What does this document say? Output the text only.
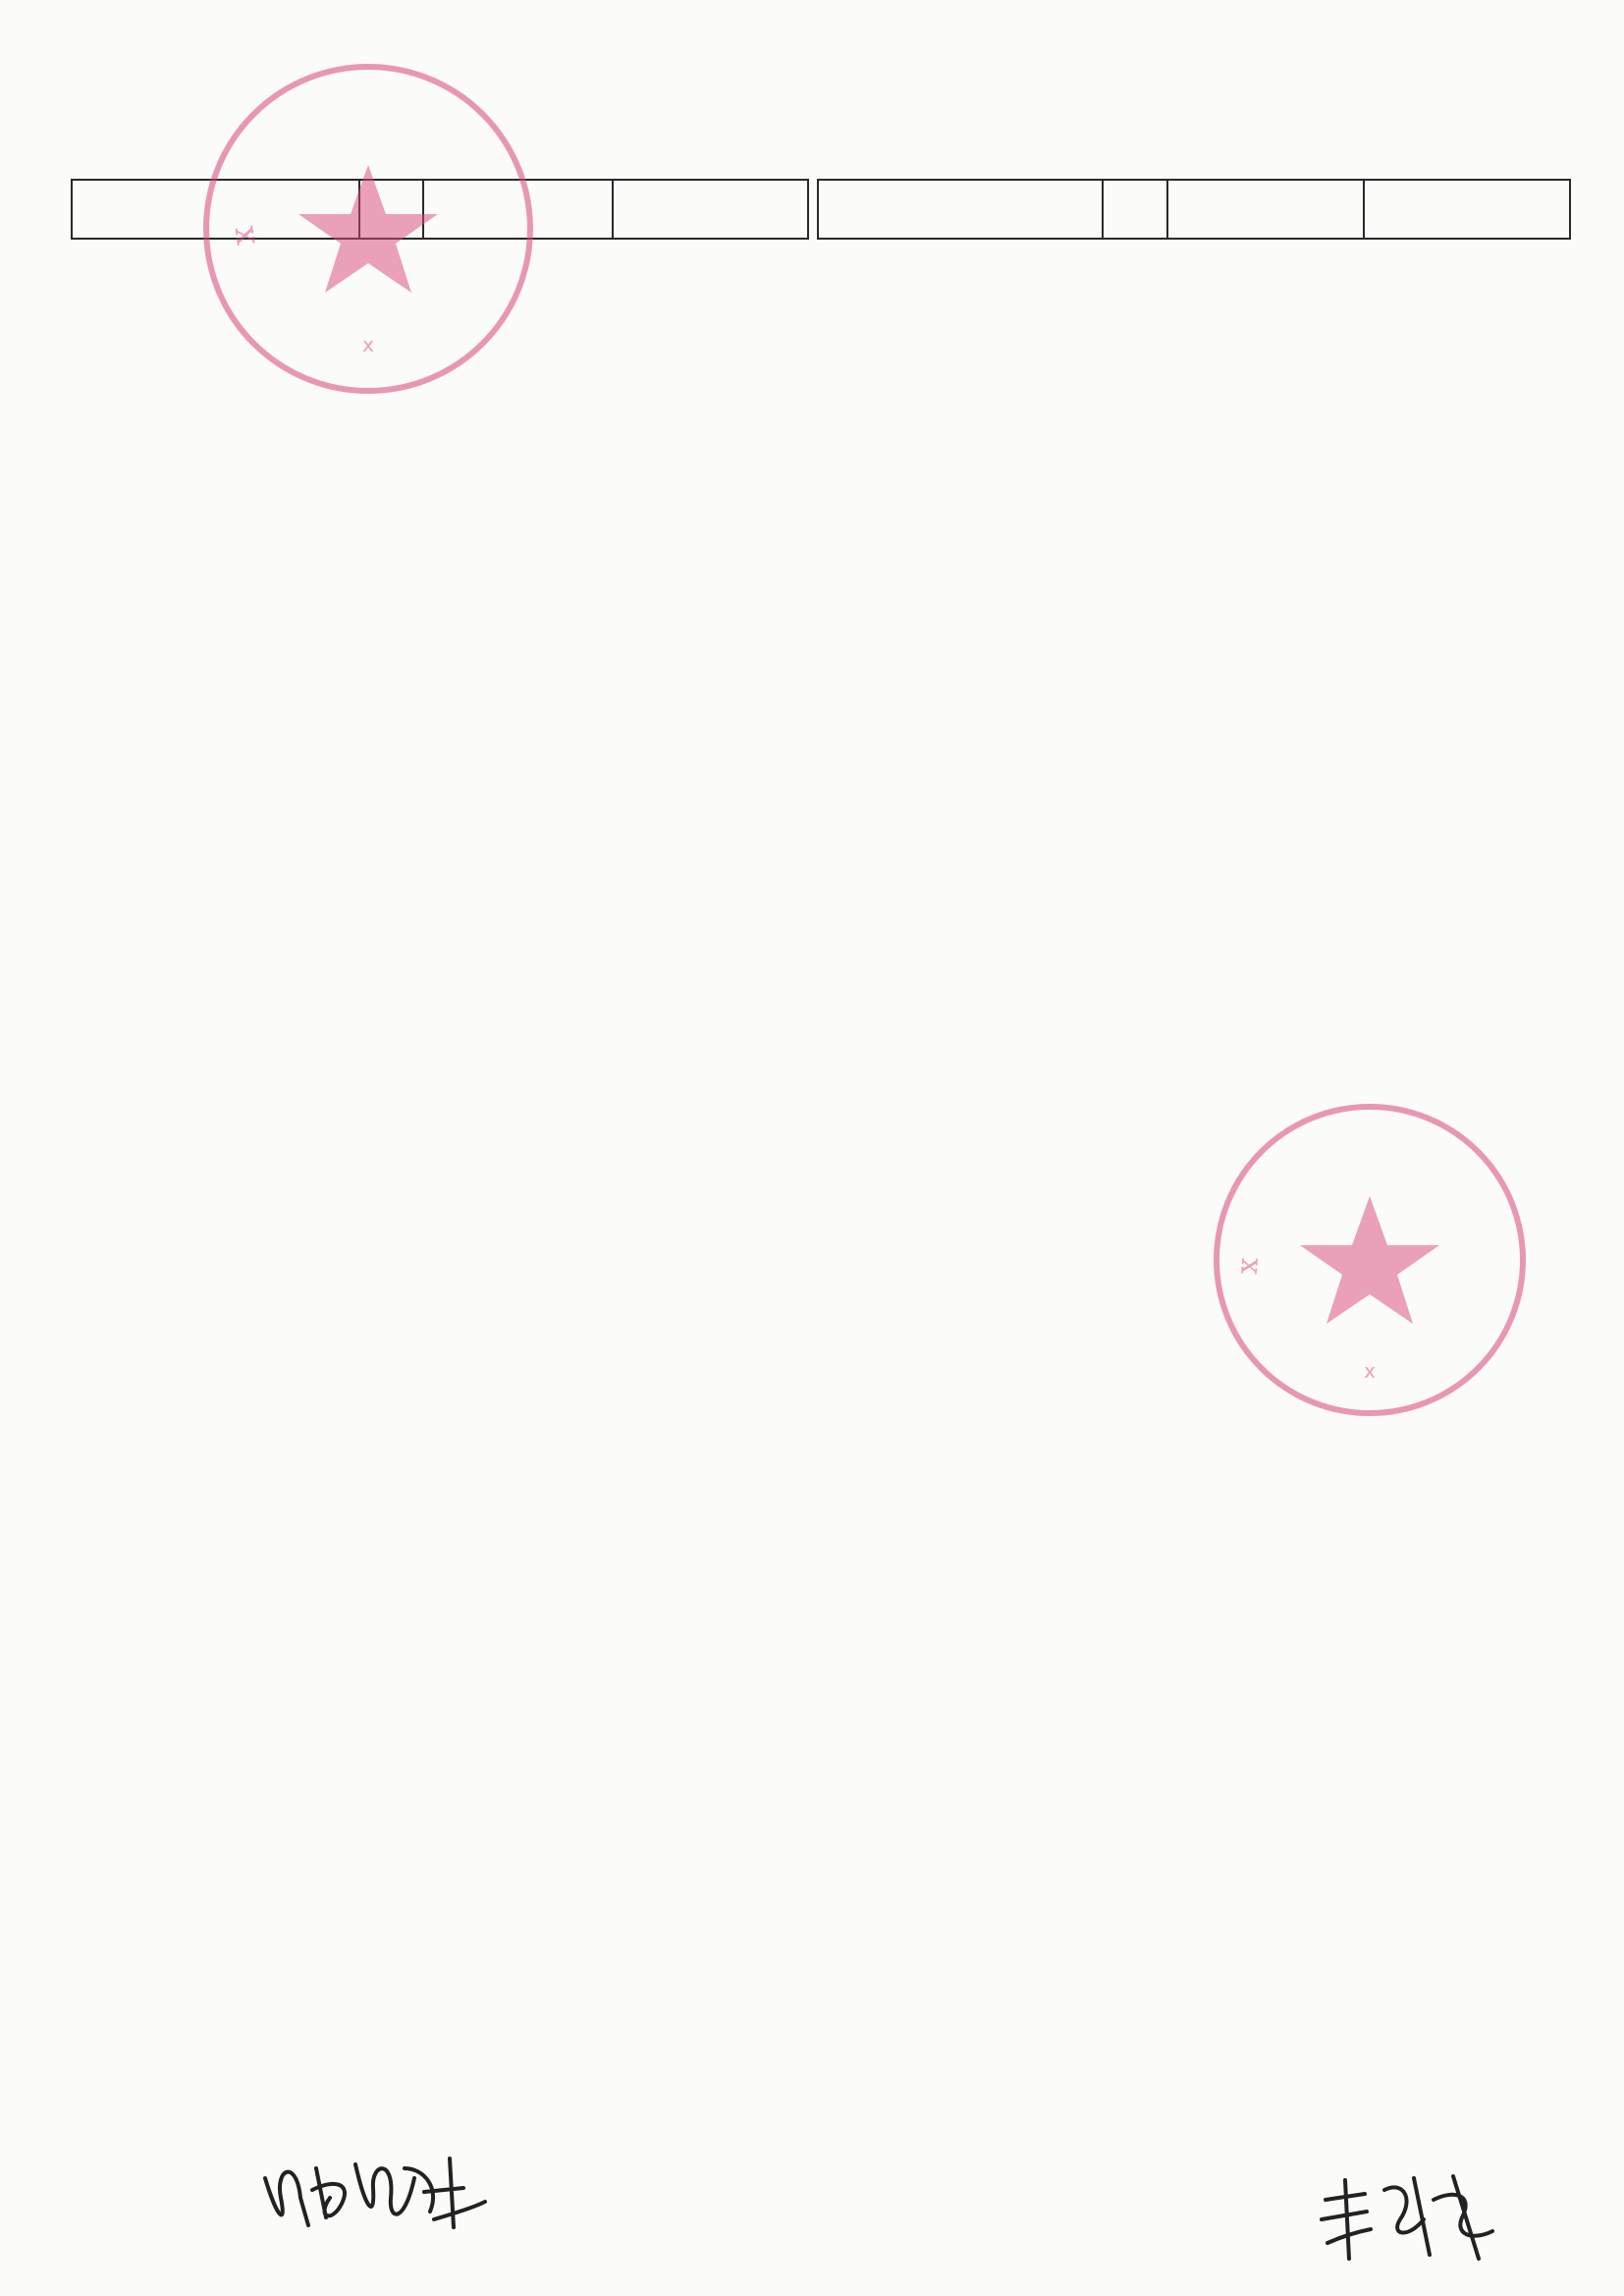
x
x
x
x
